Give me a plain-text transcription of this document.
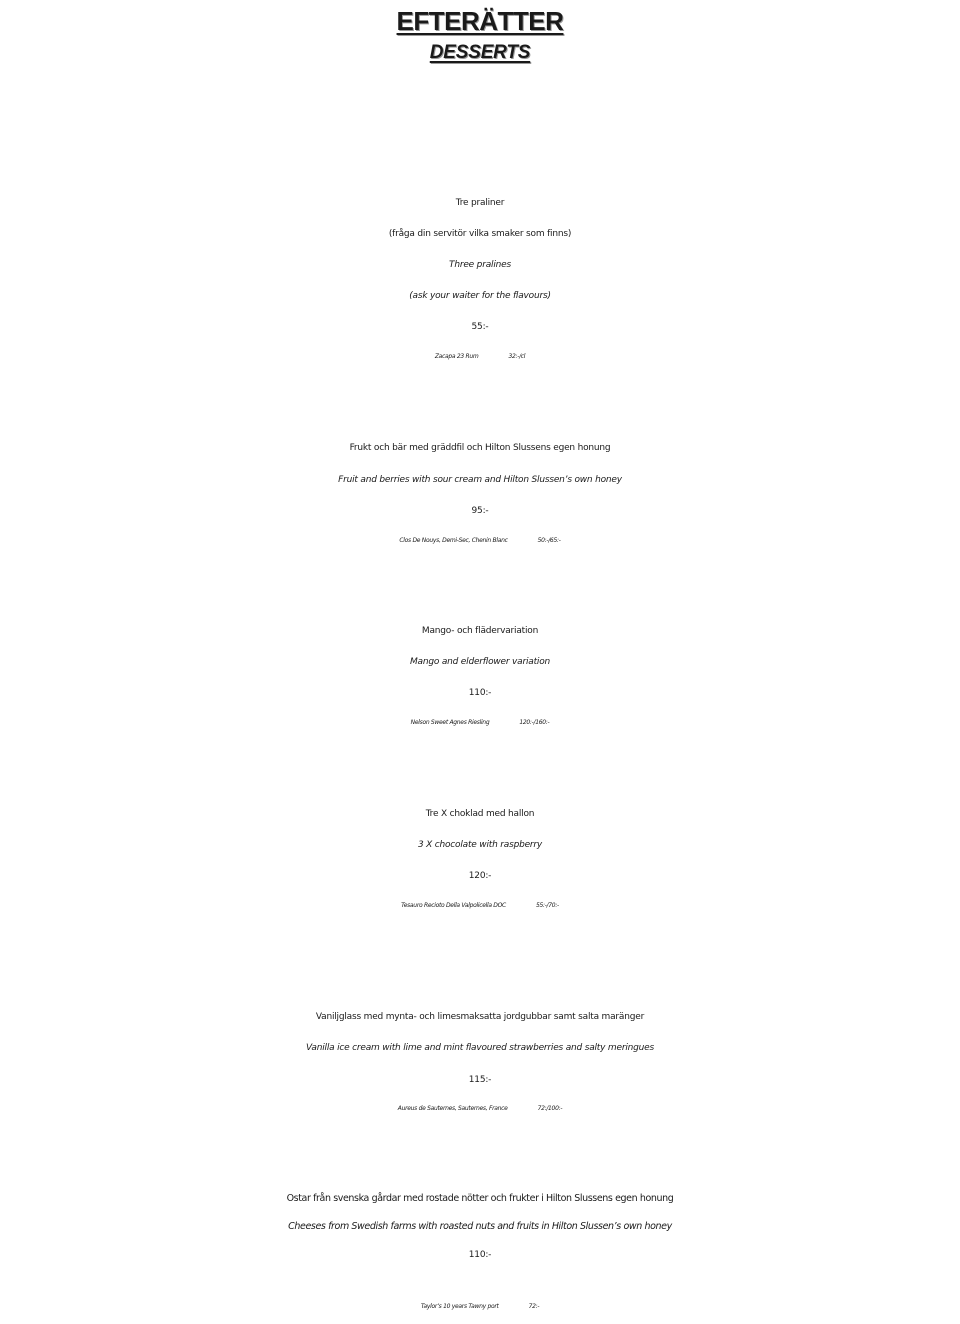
EFTERÄTTER
DESSERTS
Tre praliner
(fråga din servitör vilka smaker som finns)
Three pralines
(ask your waiter for the flavours)
55:-
Zacapa 23 Rum	32:-/cl
Frukt och bär med gräddfil och Hilton Slussens egen honung
Fruit and berries with sour cream and Hilton Slussen’s own honey
95:-
Clos De Nouys, Demi-Sec, Chenin Blanc	50:-/65:-
Mango- och flädervariation
Mango and elderflower variation
110:-
Nelson Sweet Agnes Riesling	120:-/160:-
Tre X choklad med hallon
3 X chocolate with raspberry
120:-
Tesauro Recioto Della Valpolicella DOC	55:-/70:-
Vaniljglass med mynta- och limesmaksatta jordgubbar samt salta maränger
Vanilla ice cream with lime and mint flavoured strawberries and salty meringues
115:-
Aureus de Sauternes, Sauternes, France	72:/100:-
Ostar från svenska gårdar med rostade nötter och frukter i Hilton Slussens egen honung
Cheeses from Swedish farms with roasted nuts and fruits in Hilton Slussen’s own honey
110:-
Taylor’s 10 years Tawny port	72:-
